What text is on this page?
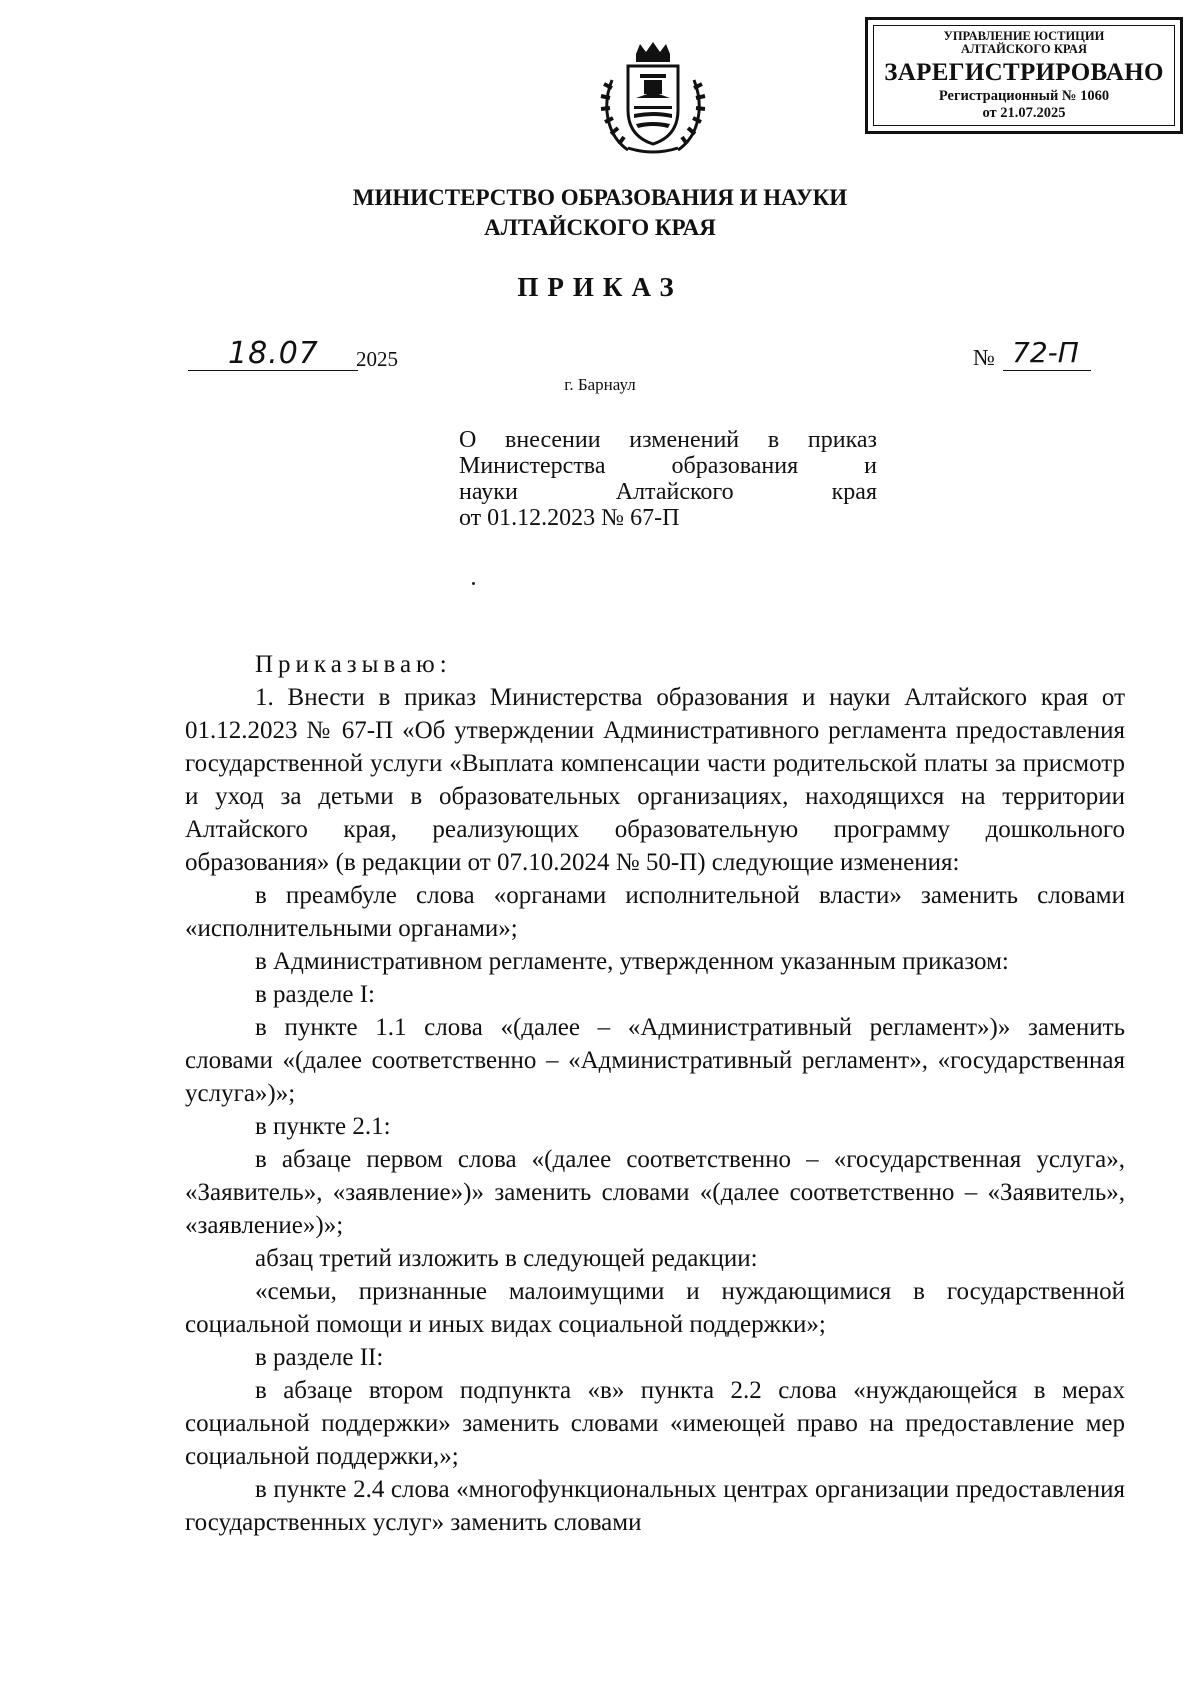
УПРАВЛЕНИЕ ЮСТИЦИИ
АЛТАЙСКОГО КРАЯ
ЗАРЕГИСТРИРОВАНО
Регистрационный № 1060
от 21.07.2025
МИНИСТЕРСТВО ОБРАЗОВАНИЯ И НАУКИ
АЛТАЙСКОГО КРАЯ
ПРИКАЗ
18.07 2025	№ 72-П
г. Барнаул
О внесении изменений в приказ
Министерства образования и
науки Алтайского края
от 01.12.2023 № 67-П

Приказываю:

1. Внести в приказ Министерства образования и науки Алтайского края от 01.12.2023 № 67-П «Об утверждении Административного регламента предоставления государственной услуги «Выплата компенсации части родительской платы за присмотр и уход за детьми в образовательных организациях, находящихся на территории Алтайского края, реализующих образовательную программу дошкольного образования» (в редакции от 07.10.2024 № 50-П) следующие изменения:

в преамбуле слова «органами исполнительной власти» заменить словами «исполнительными органами»;

в Административном регламенте, утвержденном указанным приказом:

в разделе I:

в пункте 1.1 слова «(далее – «Административный регламент»)» заменить словами «(далее соответственно – «Административный регламент», «государственная услуга»)»;

в пункте 2.1:

в абзаце первом слова «(далее соответственно – «государственная услуга», «Заявитель», «заявление»)» заменить словами «(далее соответственно – «Заявитель», «заявление»)»;

абзац третий изложить в следующей редакции:

«семьи, признанные малоимущими и нуждающимися в государственной социальной помощи и иных видах социальной поддержки»;

в разделе II:

в абзаце втором подпункта «в» пункта 2.2 слова «нуждающейся в мерах социальной поддержки» заменить словами «имеющей право на предоставление мер социальной поддержки,»;

в пункте 2.4 слова «многофункциональных центрах организации предоставления государственных услуг» заменить словами
